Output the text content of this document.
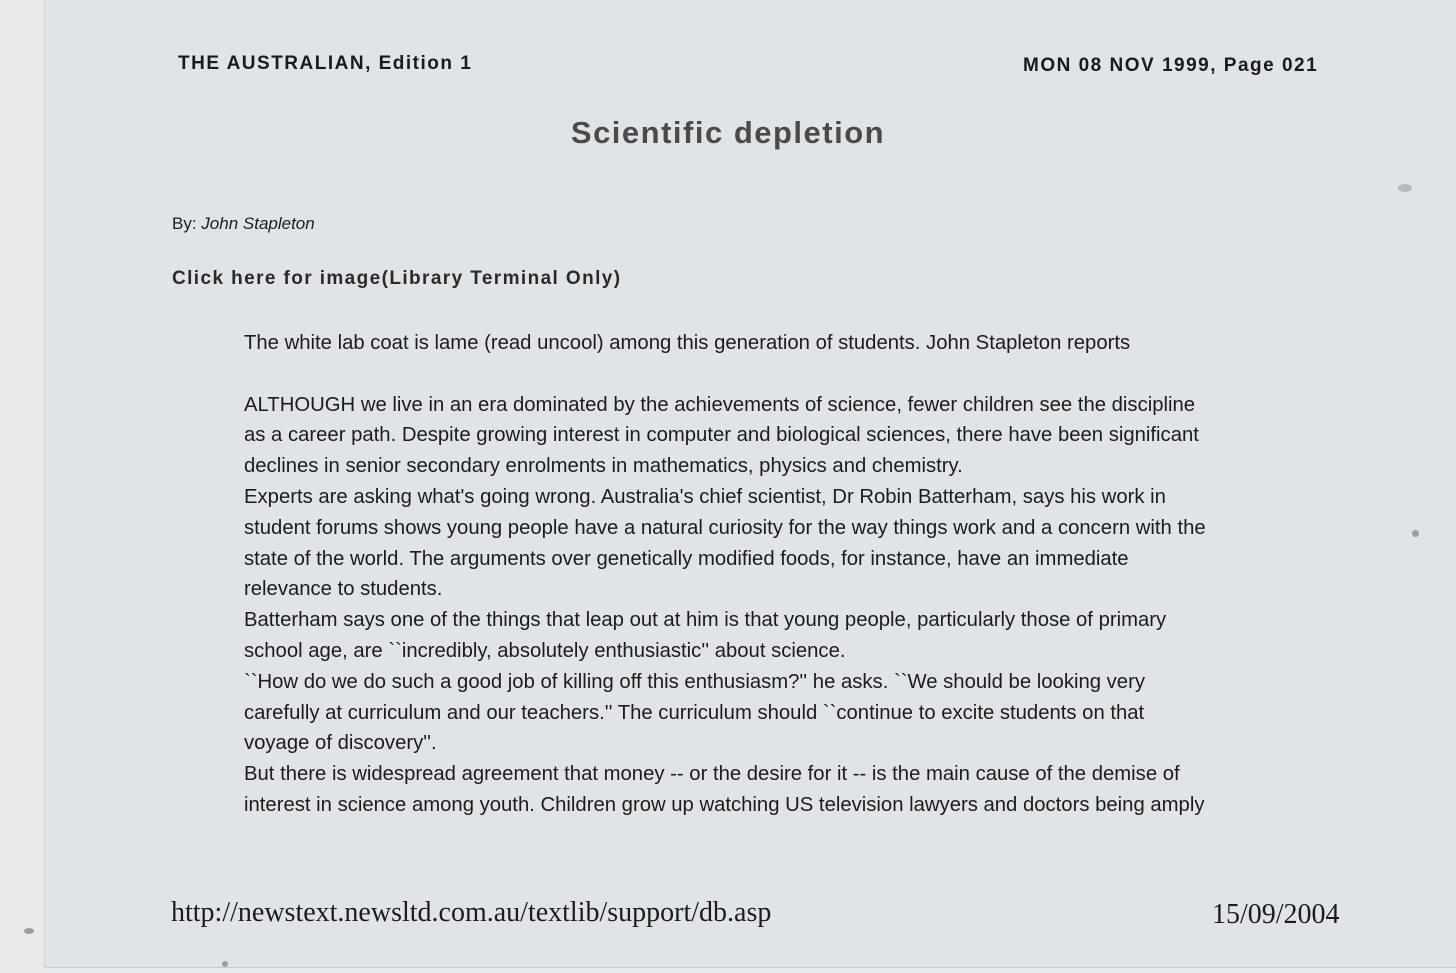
THE AUSTRALIAN, Edition 1	MON 08 NOV 1999, Page 021
Scientific depletion
By: John Stapleton
Click here for image(Library Terminal Only)
The white lab coat is lame (read uncool) among this generation of students. John Stapleton reports
ALTHOUGH we live in an era dominated by the achievements of science, fewer children see the discipline
as a career path. Despite growing interest in computer and biological sciences, there have been significant
declines in senior secondary enrolments in mathematics, physics and chemistry.
Experts are asking what's going wrong. Australia's chief scientist, Dr Robin Batterham, says his work in
student forums shows young people have a natural curiosity for the way things work and a concern with the
state of the world. The arguments over genetically modified foods, for instance, have an immediate
relevance to students.
Batterham says one of the things that leap out at him is that young people, particularly those of primary
school age, are ``incredibly, absolutely enthusiastic'' about science.
``How do we do such a good job of killing off this enthusiasm?'' he asks. ``We should be looking very
carefully at curriculum and our teachers.'' The curriculum should ``continue to excite students on that
voyage of discovery''.
But there is widespread agreement that money -- or the desire for it -- is the main cause of the demise of
interest in science among youth. Children grow up watching US television lawyers and doctors being amply
http://newstext.newsltd.com.au/textlib/support/db.asp	15/09/2004
